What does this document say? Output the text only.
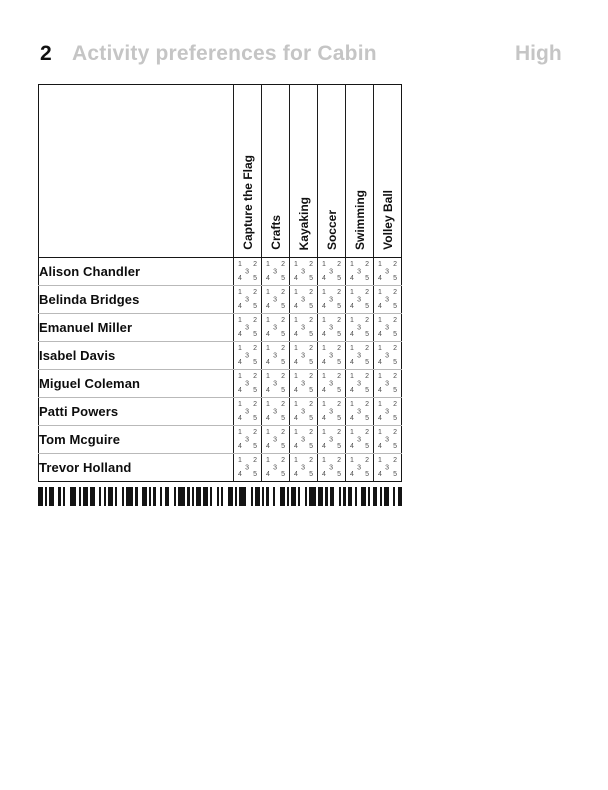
2 Activity preferences for Cabin	High

	Capture the Flag	Crafts	Kayaking	Soccer	Swimming	Volley Ball

Alison Chandler	1 2
3
4 5	1 2
3
4 5	1 2
3
4 5	1 2
3
4 5	1 2
3
4 5	1 2
3
4 5

Belinda Bridges	1 2
3
4 5	1 2
3
4 5	1 2
3
4 5	1 2
3
4 5	1 2
3
4 5	1 2
3
4 5

Emanuel Miller	1 2
3
4 5	1 2
3
4 5	1 2
3
4 5	1 2
3
4 5	1 2
3
4 5	1 2
3
4 5

Isabel Davis	1 2
3
4 5	1 2
3
4 5	1 2
3
4 5	1 2
3
4 5	1 2
3
4 5	1 2
3
4 5

Miguel Coleman	1 2
3
4 5	1 2
3
4 5	1 2
3
4 5	1 2
3
4 5	1 2
3
4 5	1 2
3
4 5

Patti Powers	1 2
3
4 5	1 2
3
4 5	1 2
3
4 5	1 2
3
4 5	1 2
3
4 5	1 2
3
4 5

Tom Mcguire	1 2
3
4 5	1 2
3
4 5	1 2
3
4 5	1 2
3
4 5	1 2
3
4 5	1 2
3
4 5

Trevor Holland	1 2
3
4 5	1 2
3
4 5	1 2
3
4 5	1 2
3
4 5	1 2
3
4 5	1 2
3
4 5
